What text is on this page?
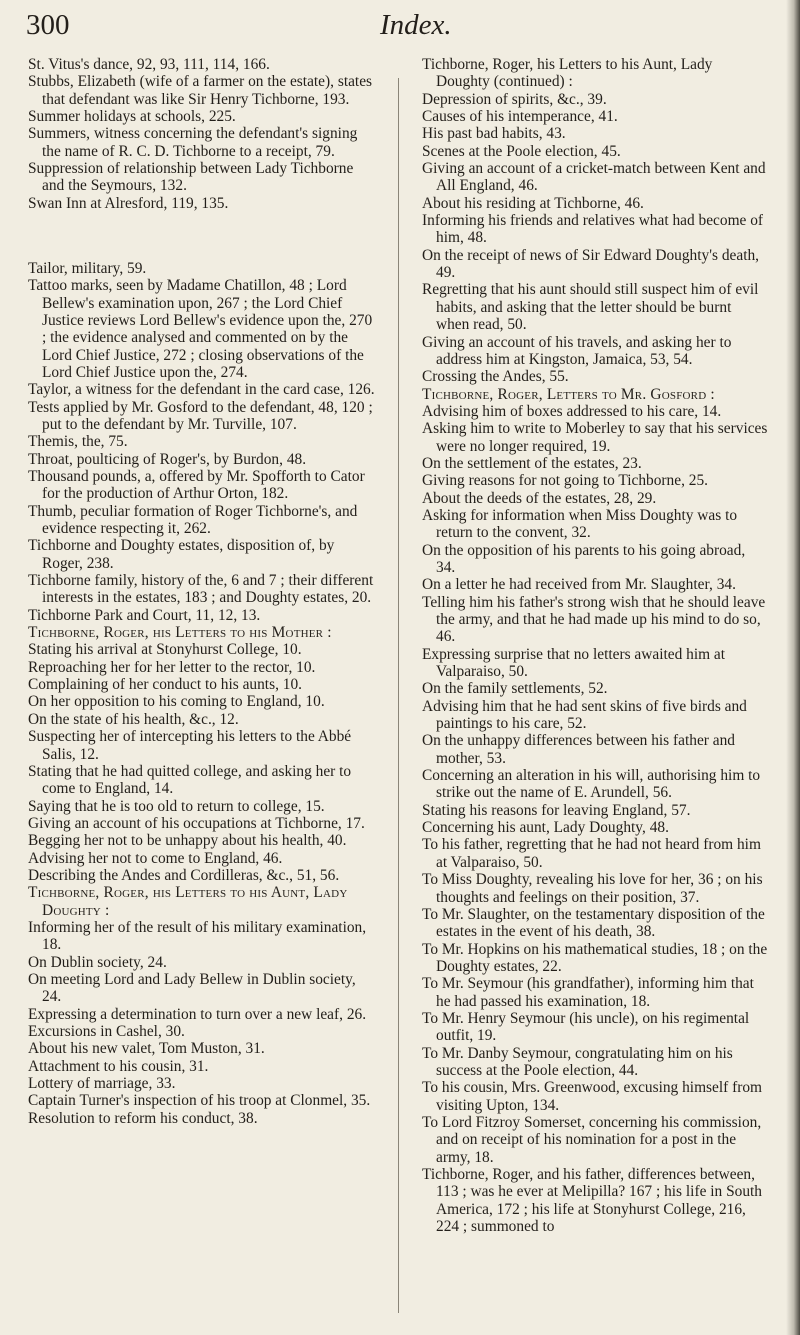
300	Index.

St. Vitus's dance, 92, 93, 111, 114, 166.

Stubbs, Elizabeth (wife of a farmer on the estate), states that defendant was like Sir Henry Tichborne, 193.

Summer holidays at schools, 225.

Summers, witness concerning the defendant's signing the name of R. C. D. Tichborne to a receipt, 79.

Suppression of relationship between Lady Tichborne and the Seymours, 132.

Swan Inn at Alresford, 119, 135.

Tailor, military, 59.

Tattoo marks, seen by Madame Chatillon, 48 ; Lord Bellew's examination upon, 267 ; the Lord Chief Justice reviews Lord Bellew's evidence upon the, 270 ; the evidence analysed and commented on by the Lord Chief Justice, 272 ; closing observations of the Lord Chief Justice upon the, 274.

Taylor, a witness for the defendant in the card case, 126.

Tests applied by Mr. Gosford to the defendant, 48, 120 ; put to the defendant by Mr. Turville, 107.

Themis, the, 75.

Throat, poulticing of Roger's, by Burdon, 48.

Thousand pounds, a, offered by Mr. Spofforth to Cator for the production of Arthur Orton, 182.

Thumb, peculiar formation of Roger Tichborne's, and evidence respecting it, 262.

Tichborne and Doughty estates, disposition of, by Roger, 238.

Tichborne family, history of the, 6 and 7 ; their different interests in the estates, 183 ; and Doughty estates, 20.

Tichborne Park and Court, 11, 12, 13.

Tichborne, Roger, his Letters to his Mother :

Stating his arrival at Stonyhurst College, 10.

Reproaching her for her letter to the rector, 10.

Complaining of her conduct to his aunts, 10.

On her opposition to his coming to England, 10.

On the state of his health, &c., 12.

Suspecting her of intercepting his letters to the Abbé Salis, 12.

Stating that he had quitted college, and asking her to come to England, 14.

Saying that he is too old to return to college, 15.

Giving an account of his occupations at Tichborne, 17.

Begging her not to be unhappy about his health, 40.

Advising her not to come to England, 46.

Describing the Andes and Cordilleras, &c., 51, 56.

Tichborne, Roger, his Letters to his Aunt, Lady Doughty :

Informing her of the result of his military examination, 18.

On Dublin society, 24.

On meeting Lord and Lady Bellew in Dublin society, 24.

Expressing a determination to turn over a new leaf, 26.

Excursions in Cashel, 30.

About his new valet, Tom Muston, 31.

Attachment to his cousin, 31.

Lottery of marriage, 33.

Captain Turner's inspection of his troop at Clonmel, 35.

Resolution to reform his conduct, 38.

Tichborne, Roger, his Letters to his Aunt, Lady Doughty (continued) :

Depression of spirits, &c., 39.

Causes of his intemperance, 41.

His past bad habits, 43.

Scenes at the Poole election, 45.

Giving an account of a cricket-match between Kent and All England, 46.

About his residing at Tichborne, 46.

Informing his friends and relatives what had become of him, 48.

On the receipt of news of Sir Edward Doughty's death, 49.

Regretting that his aunt should still suspect him of evil habits, and asking that the letter should be burnt when read, 50.

Giving an account of his travels, and asking her to address him at Kingston, Jamaica, 53, 54.

Crossing the Andes, 55.

Tichborne, Roger, Letters to Mr. Gosford :

Advising him of boxes addressed to his care, 14.

Asking him to write to Moberley to say that his services were no longer required, 19.

On the settlement of the estates, 23.

Giving reasons for not going to Tichborne, 25.

About the deeds of the estates, 28, 29.

Asking for information when Miss Doughty was to return to the convent, 32.

On the opposition of his parents to his going abroad, 34.

On a letter he had received from Mr. Slaughter, 34.

Telling him his father's strong wish that he should leave the army, and that he had made up his mind to do so, 46.

Expressing surprise that no letters awaited him at Valparaiso, 50.

On the family settlements, 52.

Advising him that he had sent skins of five birds and paintings to his care, 52.

On the unhappy differences between his father and mother, 53.

Concerning an alteration in his will, authorising him to strike out the name of E. Arundell, 56.

Stating his reasons for leaving England, 57.

Concerning his aunt, Lady Doughty, 48.

To his father, regretting that he had not heard from him at Valparaiso, 50.

To Miss Doughty, revealing his love for her, 36 ; on his thoughts and feelings on their position, 37.

To Mr. Slaughter, on the testamentary disposition of the estates in the event of his death, 38.

To Mr. Hopkins on his mathematical studies, 18 ; on the Doughty estates, 22.

To Mr. Seymour (his grandfather), informing him that he had passed his examination, 18.

To Mr. Henry Seymour (his uncle), on his regimental outfit, 19.

To Mr. Danby Seymour, congratulating him on his success at the Poole election, 44.

To his cousin, Mrs. Greenwood, excusing himself from visiting Upton, 134.

To Lord Fitzroy Somerset, concerning his commission, and on receipt of his nomination for a post in the army, 18.

Tichborne, Roger, and his father, differences between, 113 ; was he ever at Melipilla? 167 ; his life in South America, 172 ; his life at Stonyhurst College, 216, 224 ; summoned to
